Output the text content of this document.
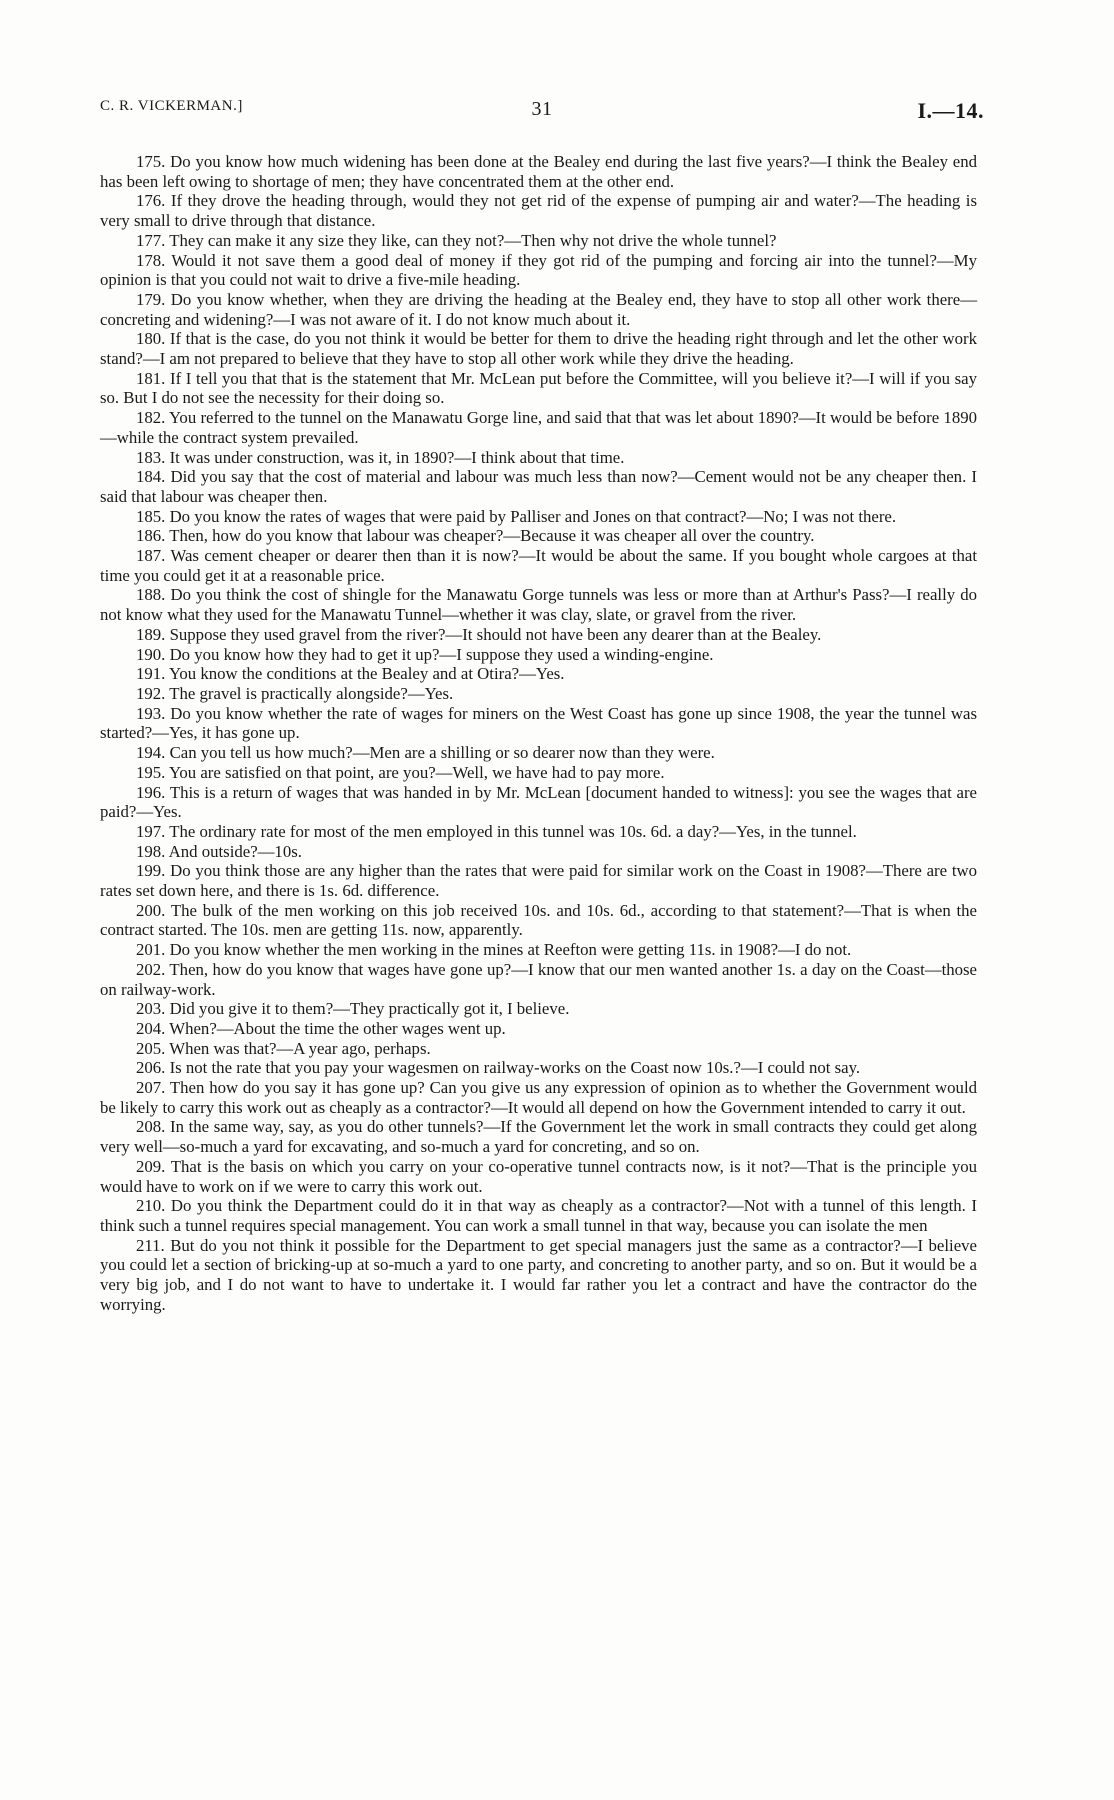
C. R. VICKERMAN.]	31	I.—14.

175. Do you know how much widening has been done at the Bealey end during the last five years?—I think the Bealey end has been left owing to shortage of men; they have concentrated them at the other end.

176. If they drove the heading through, would they not get rid of the expense of pumping air and water?—The heading is very small to drive through that distance.

177. They can make it any size they like, can they not?—Then why not drive the whole tunnel?

178. Would it not save them a good deal of money if they got rid of the pumping and forcing air into the tunnel?—My opinion is that you could not wait to drive a five-mile heading.

179. Do you know whether, when they are driving the heading at the Bealey end, they have to stop all other work there—concreting and widening?—I was not aware of it. I do not know much about it.

180. If that is the case, do you not think it would be better for them to drive the heading right through and let the other work stand?—I am not prepared to believe that they have to stop all other work while they drive the heading.

181. If I tell you that that is the statement that Mr. McLean put before the Committee, will you believe it?—I will if you say so. But I do not see the necessity for their doing so.

182. You referred to the tunnel on the Manawatu Gorge line, and said that that was let about 1890?—It would be before 1890—while the contract system prevailed.

183. It was under construction, was it, in 1890?—I think about that time.

184. Did you say that the cost of material and labour was much less than now?—Cement would not be any cheaper then. I said that labour was cheaper then.

185. Do you know the rates of wages that were paid by Palliser and Jones on that contract?—No; I was not there.

186. Then, how do you know that labour was cheaper?—Because it was cheaper all over the country.

187. Was cement cheaper or dearer then than it is now?—It would be about the same. If you bought whole cargoes at that time you could get it at a reasonable price.

188. Do you think the cost of shingle for the Manawatu Gorge tunnels was less or more than at Arthur's Pass?—I really do not know what they used for the Manawatu Tunnel—whether it was clay, slate, or gravel from the river.

189. Suppose they used gravel from the river?—It should not have been any dearer than at the Bealey.

190. Do you know how they had to get it up?—I suppose they used a winding-engine.

191. You know the conditions at the Bealey and at Otira?—Yes.

192. The gravel is practically alongside?—Yes.

193. Do you know whether the rate of wages for miners on the West Coast has gone up since 1908, the year the tunnel was started?—Yes, it has gone up.

194. Can you tell us how much?—Men are a shilling or so dearer now than they were.

195. You are satisfied on that point, are you?—Well, we have had to pay more.

196. This is a return of wages that was handed in by Mr. McLean [document handed to witness]: you see the wages that are paid?—Yes.

197. The ordinary rate for most of the men employed in this tunnel was 10s. 6d. a day?—Yes, in the tunnel.

198. And outside?—10s.

199. Do you think those are any higher than the rates that were paid for similar work on the Coast in 1908?—There are two rates set down here, and there is 1s. 6d. difference.

200. The bulk of the men working on this job received 10s. and 10s. 6d., according to that statement?—That is when the contract started. The 10s. men are getting 11s. now, apparently.

201. Do you know whether the men working in the mines at Reefton were getting 11s. in 1908?—I do not.

202. Then, how do you know that wages have gone up?—I know that our men wanted another 1s. a day on the Coast—those on railway-work.

203. Did you give it to them?—They practically got it, I believe.

204. When?—About the time the other wages went up.

205. When was that?—A year ago, perhaps.

206. Is not the rate that you pay your wagesmen on railway-works on the Coast now 10s.?—I could not say.

207. Then how do you say it has gone up? Can you give us any expression of opinion as to whether the Government would be likely to carry this work out as cheaply as a contractor?—It would all depend on how the Government intended to carry it out.

208. In the same way, say, as you do other tunnels?—If the Government let the work in small contracts they could get along very well—so-much a yard for excavating, and so-much a yard for concreting, and so on.

209. That is the basis on which you carry on your co-operative tunnel contracts now, is it not?—That is the principle you would have to work on if we were to carry this work out.

210. Do you think the Department could do it in that way as cheaply as a contractor?—Not with a tunnel of this length. I think such a tunnel requires special management. You can work a small tunnel in that way, because you can isolate the men

211. But do you not think it possible for the Department to get special managers just the same as a contractor?—I believe you could let a section of bricking-up at so-much a yard to one party, and concreting to another party, and so on. But it would be a very big job, and I do not want to have to undertake it. I would far rather you let a contract and have the contractor do the worrying.
